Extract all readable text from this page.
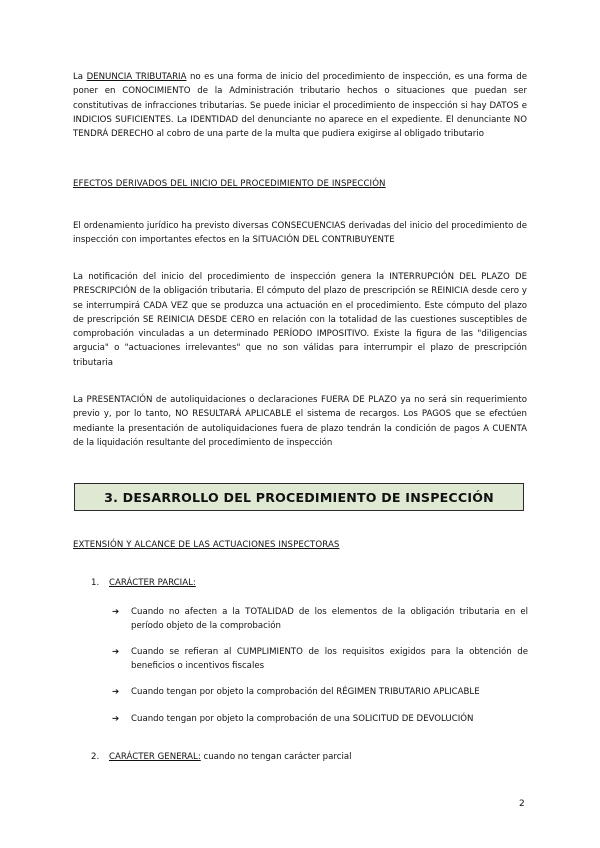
La DENUNCIA TRIBUTARIA no es una forma de inicio del procedimiento de inspección, es una forma de poner en CONOCIMIENTO de la Administración tributario hechos o situaciones que puedan ser constitutivas de infracciones tributarias. Se puede iniciar el procedimiento de inspección si hay DATOS e INDICIOS SUFICIENTES. La IDENTIDAD del denunciante no aparece en el expediente. El denunciante NO TENDRÁ DERECHO al cobro de una parte de la multa que pudiera exigirse al obligado tributario
EFECTOS DERIVADOS DEL INICIO DEL PROCEDIMIENTO DE INSPECCIÓN
El ordenamiento jurídico ha previsto diversas CONSECUENCIAS derivadas del inicio del procedimiento de inspección con importantes efectos en la SITUACIÓN DEL CONTRIBUYENTE
La notificación del inicio del procedimiento de inspección genera la INTERRUPCIÓN DEL PLAZO DE PRESCRIPCIÓN de la obligación tributaria. El cómputo del plazo de prescripción se REINICIA desde cero y se interrumpirá CADA VEZ que se produzca una actuación en el procedimiento. Este cómputo del plazo de prescripción SE REINICIA DESDE CERO en relación con la totalidad de las cuestiones susceptibles de comprobación vinculadas a un determinado PERÍODO IMPOSITIVO. Existe la figura de las "diligencias argucia" o "actuaciones irrelevantes" que no son válidas para interrumpir el plazo de prescripción tributaria
La PRESENTACIÓN de autoliquidaciones o declaraciones FUERA DE PLAZO ya no será sin requerimiento previo y, por lo tanto, NO RESULTARÁ APLICABLE el sistema de recargos. Los PAGOS que se efectúen mediante la presentación de autoliquidaciones fuera de plazo tendrán la condición de pagos A CUENTA de la liquidación resultante del procedimiento de inspección
3. DESARROLLO DEL PROCEDIMIENTO DE INSPECCIÓN
EXTENSIÓN Y ALCANCE DE LAS ACTUACIONES INSPECTORAS
1. CARÁCTER PARCIAL:
➔ Cuando no afecten a la TOTALIDAD de los elementos de la obligación tributaria en el período objeto de la comprobación
➔ Cuando se refieran al CUMPLIMIENTO de los requisitos exigidos para la obtención de beneficios o incentivos fiscales
➔ Cuando tengan por objeto la comprobación del RÉGIMEN TRIBUTARIO APLICABLE
➔ Cuando tengan por objeto la comprobación de una SOLICITUD DE DEVOLUCIÓN
2. CARÁCTER GENERAL: cuando no tengan carácter parcial
2
